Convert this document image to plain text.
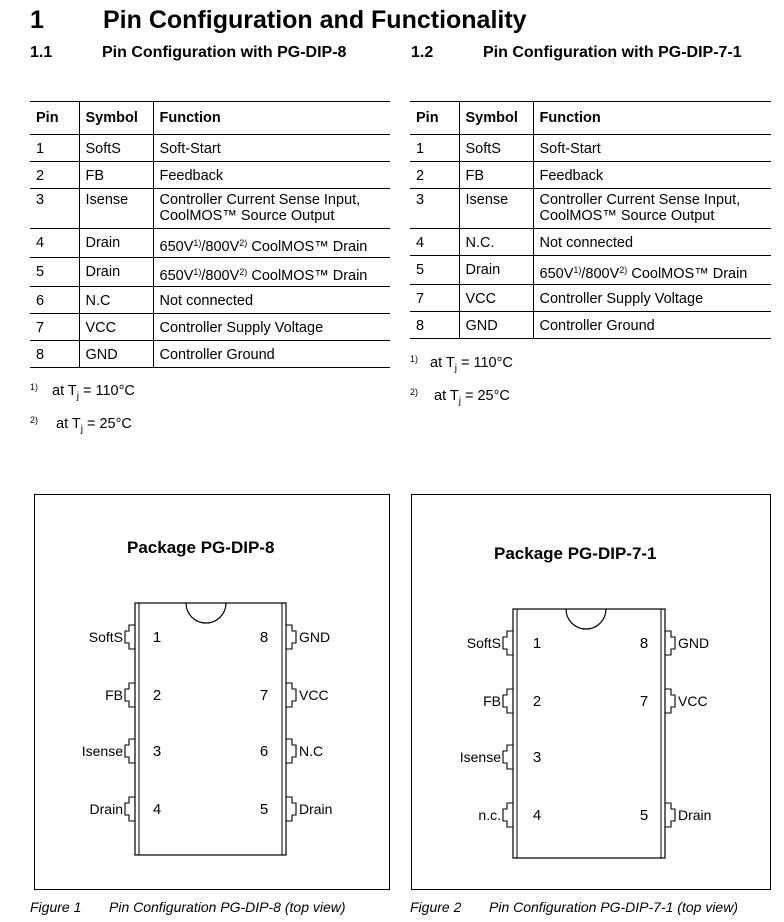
1 Pin Configuration and Functionality
1.1	Pin Configuration with PG-DIP-8	1.2	Pin Configuration with PG-DIP-7-1
Pin	Symbol	Function
1	SoftS	Soft-Start
2	FB	Feedback
3	Isense	Controller Current Sense Input, CoolMOS™ Source Output
4	Drain	$650V^{1)}/800V^{2)}$ CoolMOS™ Drain
5	Drain	$650V^{1)}/800V^{2)}$ CoolMOS™ Drain
6	N.C	Not connected
7	VCC	Controller Supply Voltage
8	GND	Controller Ground
1) at $T_j = 110^\circ C$
2) at $T_j = 25^\circ C$
Pin	Symbol	Function
1	SoftS	Soft-Start
2	FB	Feedback
3	Isense	Controller Current Sense Input, CoolMOS™ Source Output
4	N.C.	Not connected
5	Drain	$650V^{1)}/800V^{2)}$ CoolMOS™ Drain
7	VCC	Controller Supply Voltage
8	GND	Controller Ground
1) at $T_j = 110^\circ C$
2) at $T_j = 25^\circ C$
Package PG-DIP-8
SoftS 1
FB 2
Isense 3
Drain 4
GND
8
VCC
7
N.C
6
Drain
5
Package PG-DIP-7-1
SoftS 1
FB 2
Isense 3
n.c. 4
GND
8
VCC
7
Drain
5
Figure 1 Pin Configuration PG-DIP-8 (top view)	Figure 2 Pin Configuration PG-DIP-7-1 (top view)
